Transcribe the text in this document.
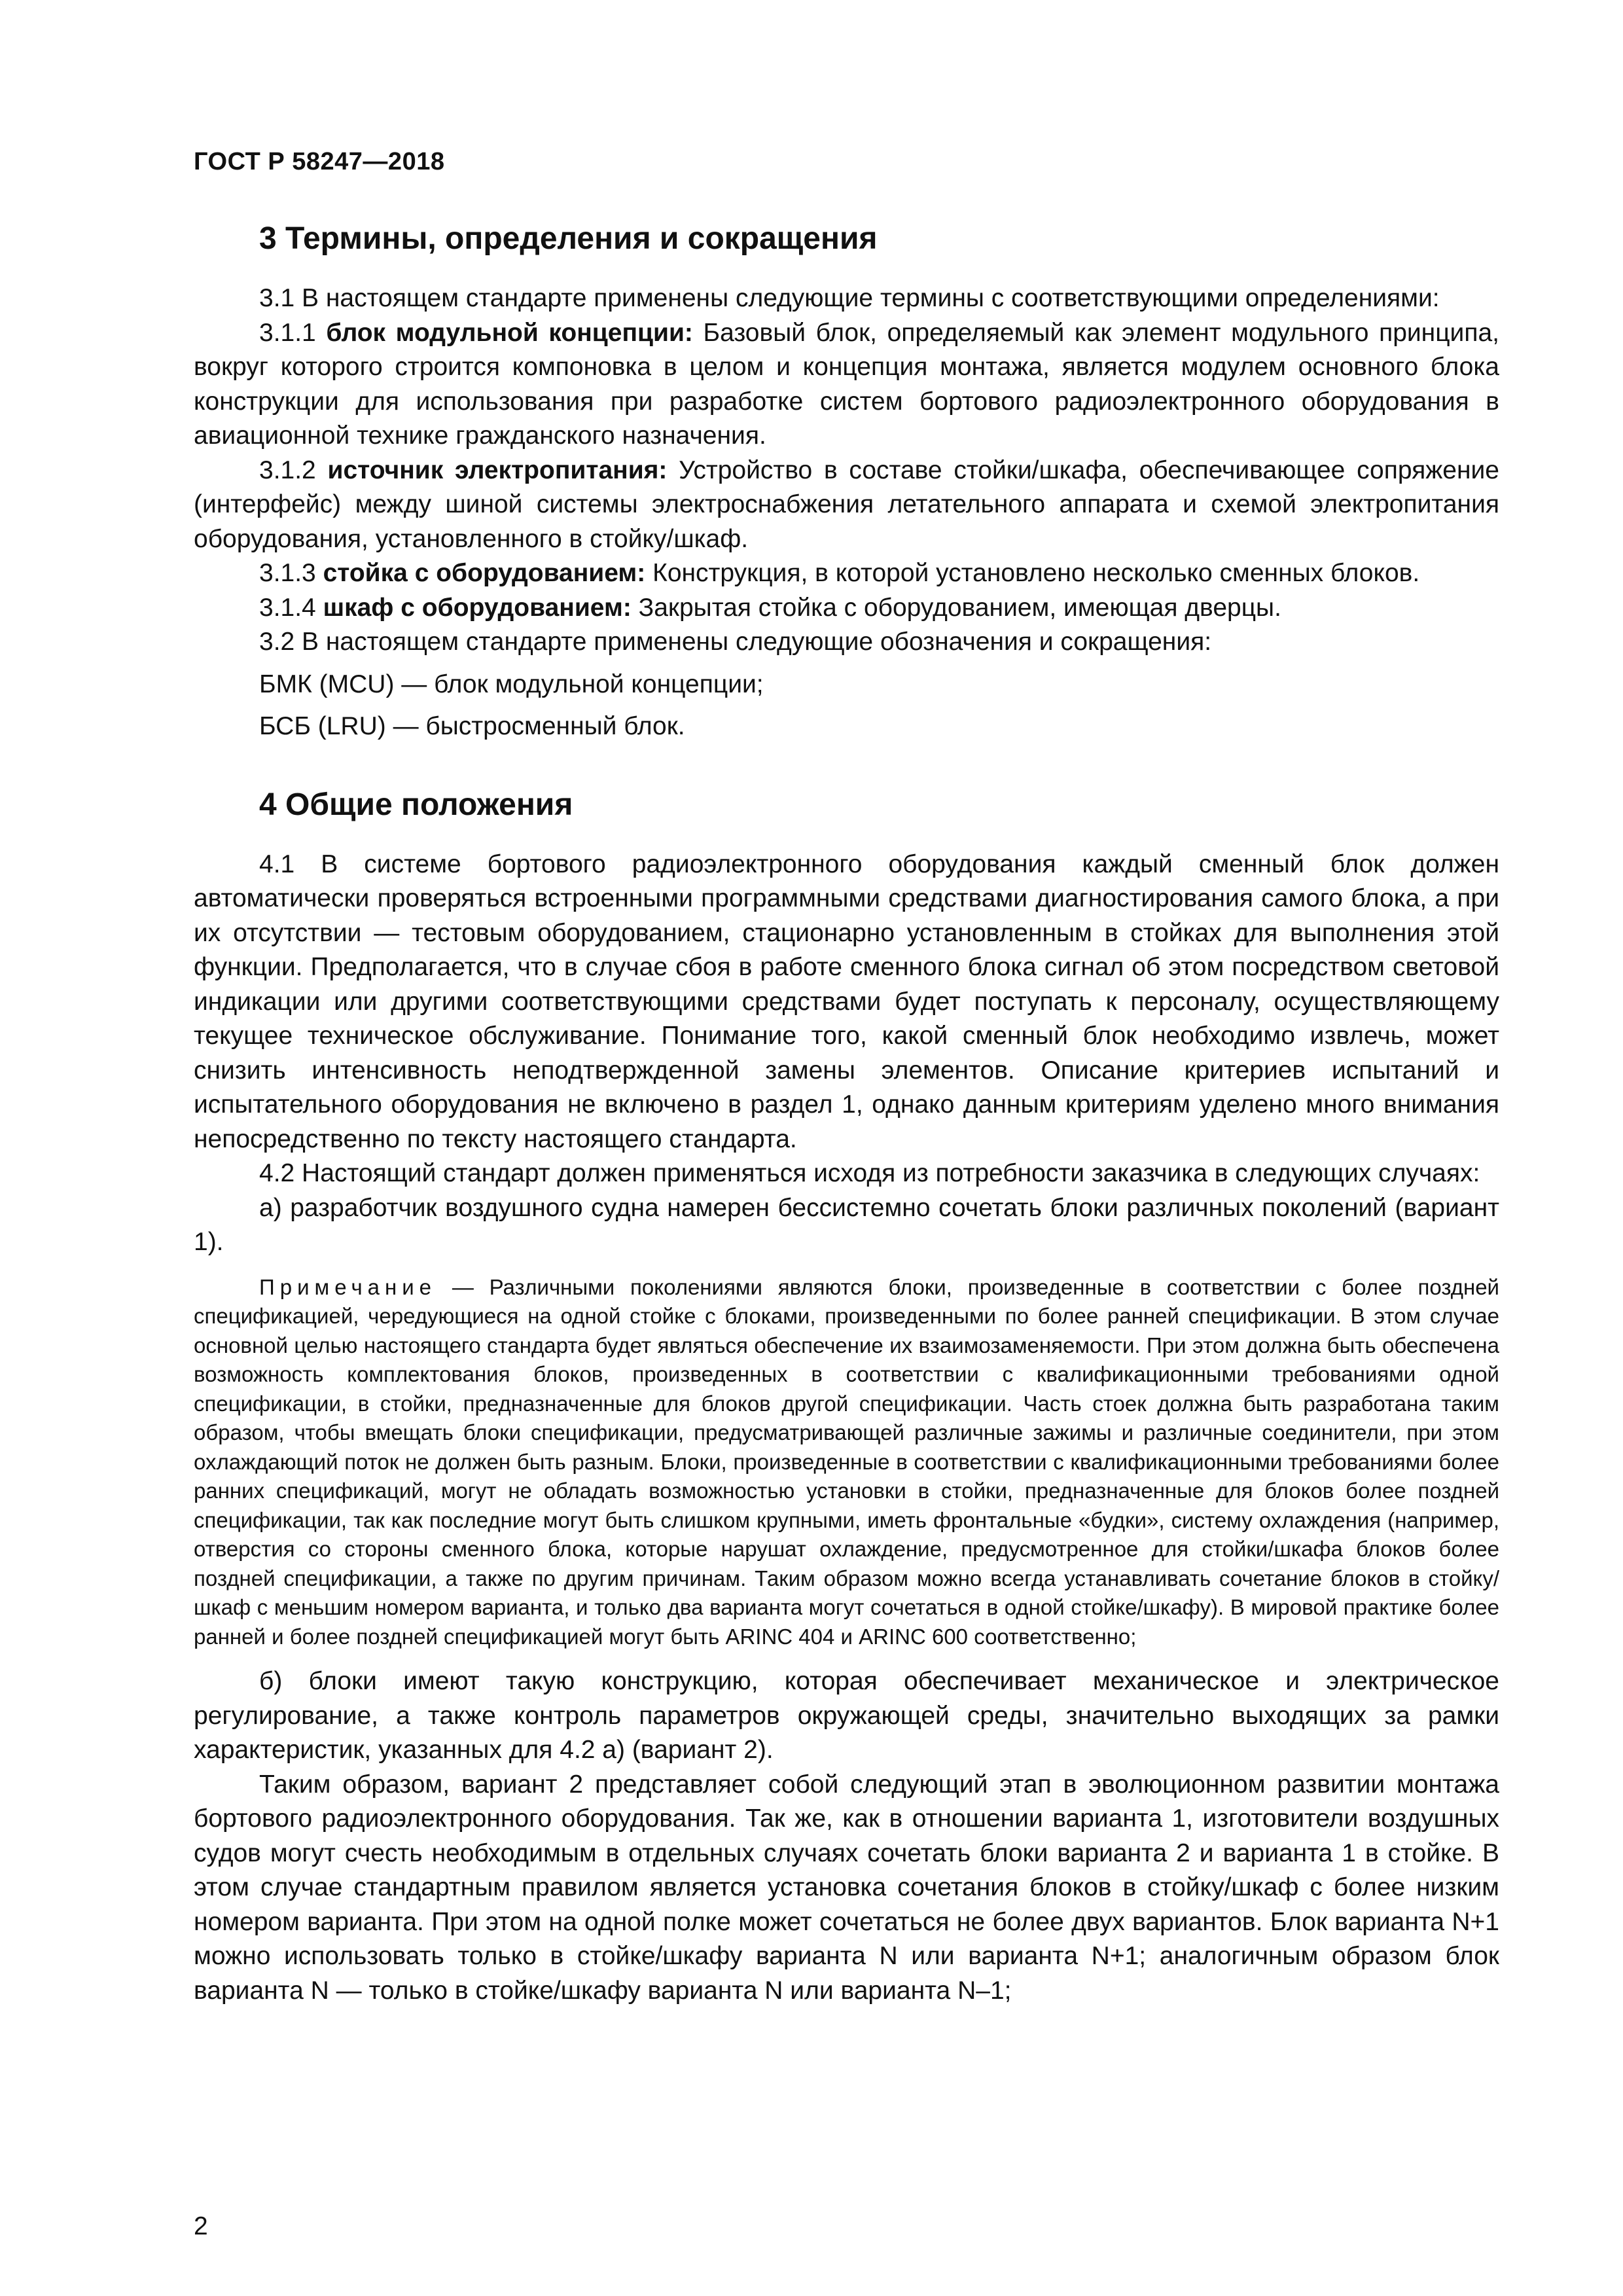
ГОСТ Р 58247—2018
3 Термины, определения и сокращения

3.1 В настоящем стандарте применены следующие термины с соответствующими определениями:

3.1.1 блок модульной концепции: Базовый блок, определяемый как элемент модульного принципа, вокруг которого строится компоновка в целом и концепция монтажа, является модулем основного блока конструкции для использования при разработке систем бортового радиоэлектронного оборудования в авиационной технике гражданского назначения.

3.1.2 источник электропитания: Устройство в составе стойки/шкафа, обеспечивающее сопряжение (интерфейс) между шиной системы электроснабжения летательного аппарата и схемой электропитания оборудования, установленного в стойку/шкаф.

3.1.3 стойка с оборудованием: Конструкция, в которой установлено несколько сменных блоков.

3.1.4 шкаф с оборудованием: Закрытая стойка с оборудованием, имеющая дверцы.

3.2 В настоящем стандарте применены следующие обозначения и сокращения:

БМК (MCU) — блок модульной концепции;

БСБ (LRU) — быстросменный блок.

4 Общие положения

4.1 В системе бортового радиоэлектронного оборудования каждый сменный блок должен автоматически проверяться встроенными программными средствами диагностирования самого блока, а при их отсутствии — тестовым оборудованием, стационарно установленным в стойках для выполнения этой функции. Предполагается, что в случае сбоя в работе сменного блока сигнал об этом посредством световой индикации или другими соответствующими средствами будет поступать к персоналу, осуществляющему текущее техническое обслуживание. Понимание того, какой сменный блок необходимо извлечь, может снизить интенсивность неподтвержденной замены элементов. Описание критериев испытаний и испытательного оборудования не включено в раздел 1, однако данным критериям уделено много внимания непосредственно по тексту настоящего стандарта.

4.2 Настоящий стандарт должен применяться исходя из потребности заказчика в следующих случаях:

а) разработчик воздушного судна намерен бессистемно сочетать блоки различных поколений (вариант 1).

Примечание — Различными поколениями являются блоки, произведенные в соответствии с более поздней спецификацией, чередующиеся на одной стойке с блоками, произведенными по более ранней спецификации. В этом случае основной целью настоящего стандарта будет являться обеспечение их взаимозаменяемости. При этом должна быть обеспечена возможность комплектования блоков, произведенных в соответствии с квалификационными требованиями одной спецификации, в стойки, предназначенные для блоков другой спецификации. Часть стоек должна быть разработана таким образом, чтобы вмещать блоки спецификации, предусматривающей различные зажимы и различные соединители, при этом охлаждающий поток не должен быть разным. Блоки, произведенные в соответствии с квалификационными требованиями более ранних спецификаций, могут не обладать возможностью установки в стойки, предназначенные для блоков более поздней спецификации, так как последние могут быть слишком крупными, иметь фронтальные «будки», систему охлаждения (например, отверстия со стороны сменного блока, которые нарушат охлаждение, предусмотренное для стойки/шкафа блоков более поздней спецификации, а также по другим причинам. Таким образом можно всегда устанавливать сочетание блоков в стойку/шкаф с меньшим номером варианта, и только два варианта могут сочетаться в одной стойке/шкафу). В мировой практике более ранней и более поздней спецификацией могут быть ARINC 404 и ARINC 600 соответственно;

б) блоки имеют такую конструкцию, которая обеспечивает механическое и электрическое регулирование, а также контроль параметров окружающей среды, значительно выходящих за рамки характеристик, указанных для 4.2 а) (вариант 2).

Таким образом, вариант 2 представляет собой следующий этап в эволюционном развитии монтажа бортового радиоэлектронного оборудования. Так же, как в отношении варианта 1, изготовители воздушных судов могут счесть необходимым в отдельных случаях сочетать блоки варианта 2 и варианта 1 в стойке. В этом случае стандартным правилом является установка сочетания блоков в стойку/шкаф с более низким номером варианта. При этом на одной полке может сочетаться не более двух вариантов. Блок варианта N+1 можно использовать только в стойке/шкафу варианта N или варианта N+1; аналогичным образом блок варианта N — только в стойке/шкафу варианта N или варианта N–1;

2
